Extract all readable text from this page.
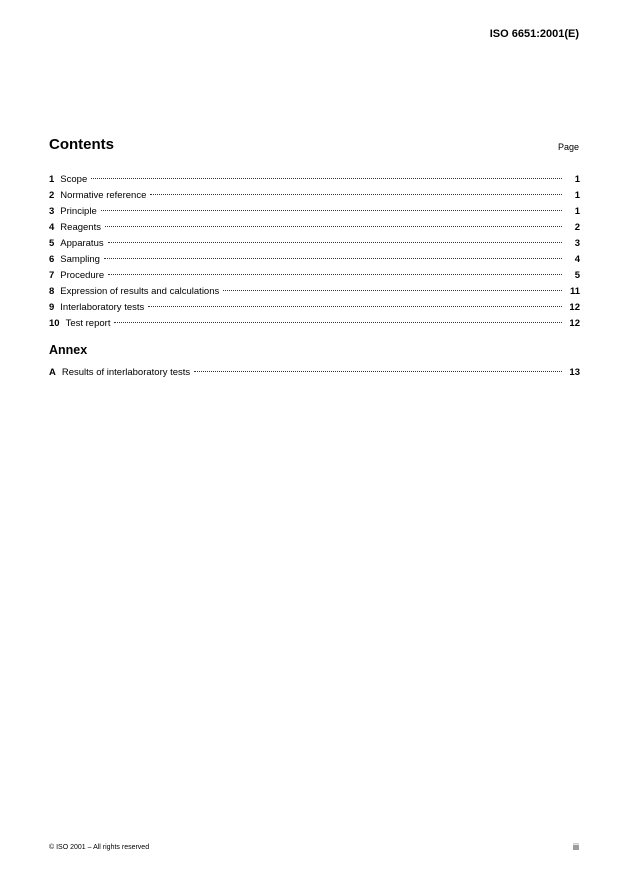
ISO 6651:2001(E)
Contents	Page
1 Scope	1
2 Normative reference	1
3 Principle	1
4 Reagents	2
5 Apparatus	3
6 Sampling	4
7 Procedure	5
8 Expression of results and calculations	11
9 Interlaboratory tests	12
10 Test report	12
Annex
A Results of interlaboratory tests	13
© ISO 2001 – All rights reserved	iii
